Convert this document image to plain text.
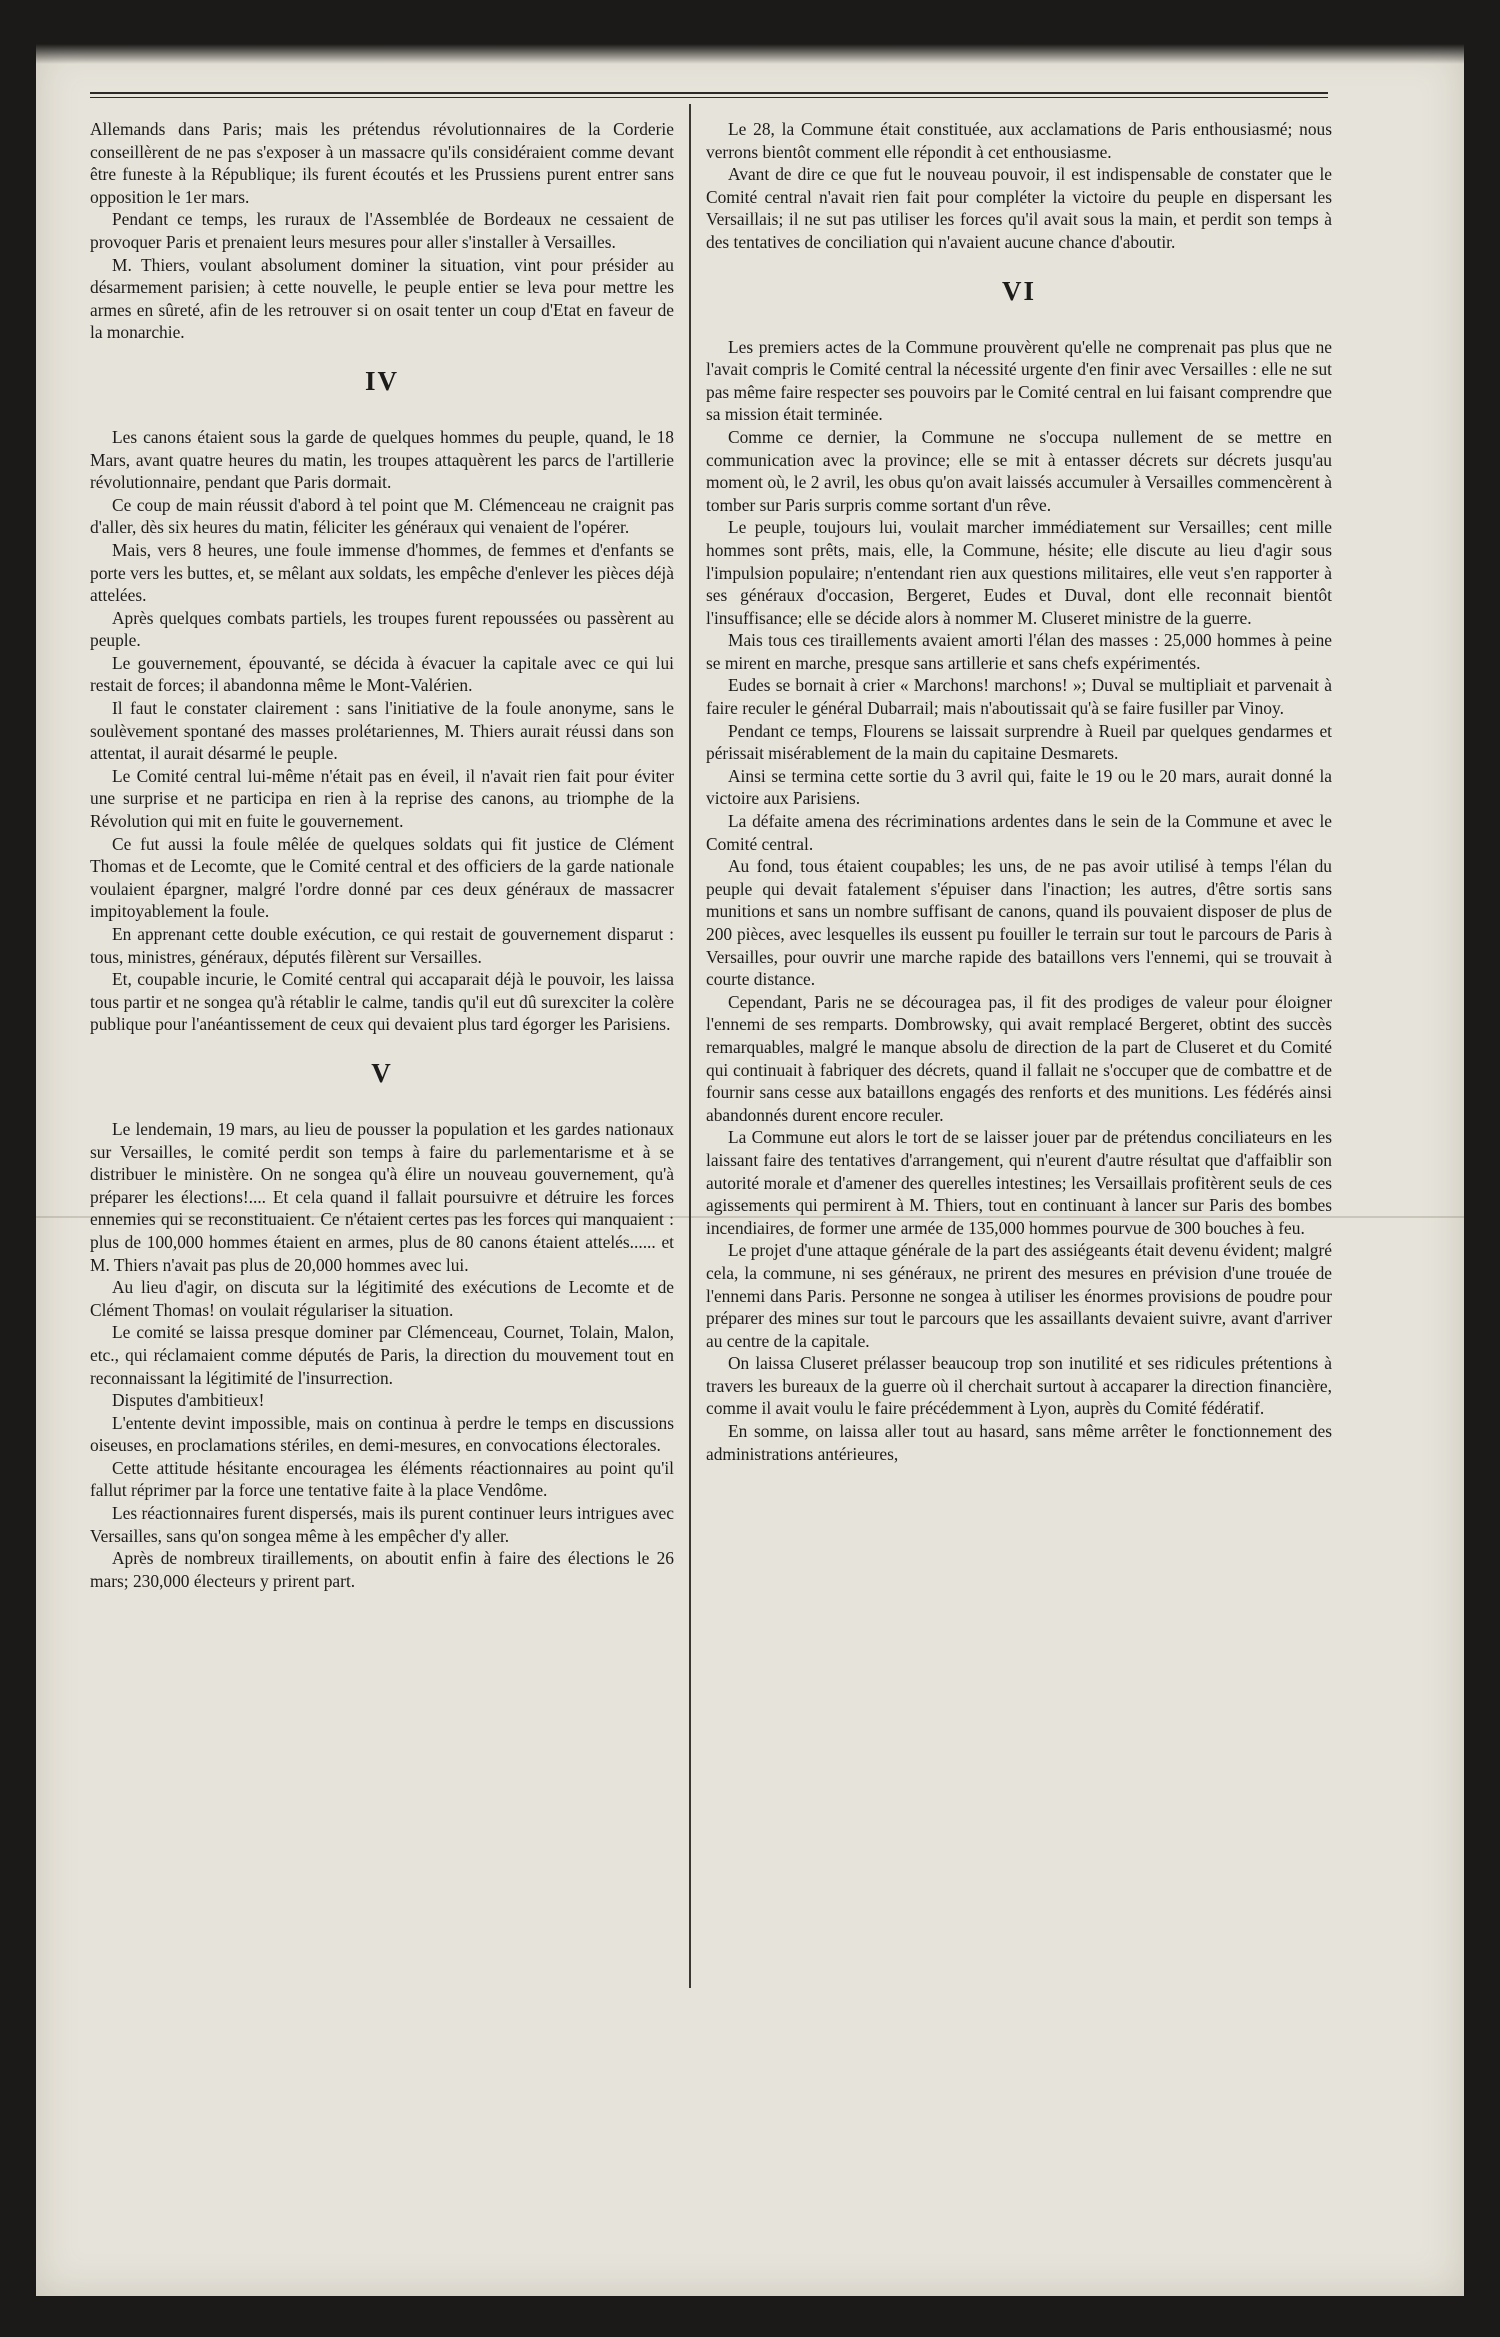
Allemands dans Paris; mais les prétendus révolutionnaires de la Corderie conseillèrent de ne pas s'exposer à un massacre qu'ils considéraient comme devant être funeste à la République; ils furent écoutés et les Prussiens purent entrer sans opposition le 1er mars.

Pendant ce temps, les ruraux de l'Assemblée de Bordeaux ne cessaient de provoquer Paris et prenaient leurs mesures pour aller s'installer à Versailles.

M. Thiers, voulant absolument dominer la situation, vint pour présider au désarmement parisien; à cette nouvelle, le peuple entier se leva pour mettre les armes en sûreté, afin de les retrouver si on osait tenter un coup d'Etat en faveur de la monarchie.

IV

Les canons étaient sous la garde de quelques hommes du peuple, quand, le 18 Mars, avant quatre heures du matin, les troupes attaquèrent les parcs de l'artillerie révolutionnaire, pendant que Paris dormait.

Ce coup de main réussit d'abord à tel point que M. Clémenceau ne craignit pas d'aller, dès six heures du matin, féliciter les généraux qui venaient de l'opérer.

Mais, vers 8 heures, une foule immense d'hommes, de femmes et d'enfants se porte vers les buttes, et, se mêlant aux soldats, les empêche d'enlever les pièces déjà attelées.

Après quelques combats partiels, les troupes furent repoussées ou passèrent au peuple.

Le gouvernement, épouvanté, se décida à évacuer la capitale avec ce qui lui restait de forces; il abandonna même le Mont-Valérien.

Il faut le constater clairement : sans l'initiative de la foule anonyme, sans le soulèvement spontané des masses prolétariennes, M. Thiers aurait réussi dans son attentat, il aurait désarmé le peuple.

Le Comité central lui-même n'était pas en éveil, il n'avait rien fait pour éviter une surprise et ne participa en rien à la reprise des canons, au triomphe de la Révolution qui mit en fuite le gouvernement.

Ce fut aussi la foule mêlée de quelques soldats qui fit justice de Clément Thomas et de Lecomte, que le Comité central et des officiers de la garde nationale voulaient épargner, malgré l'ordre donné par ces deux généraux de massacrer impitoyablement la foule.

En apprenant cette double exécution, ce qui restait de gouvernement disparut : tous, ministres, généraux, députés filèrent sur Versailles.

Et, coupable incurie, le Comité central qui accaparait déjà le pouvoir, les laissa tous partir et ne songea qu'à rétablir le calme, tandis qu'il eut dû surexciter la colère publique pour l'anéantissement de ceux qui devaient plus tard égorger les Parisiens.

V

Le lendemain, 19 mars, au lieu de pousser la population et les gardes nationaux sur Versailles, le comité perdit son temps à faire du parlementarisme et à se distribuer le ministère. On ne songea qu'à élire un nouveau gouvernement, qu'à préparer les élections!.... Et cela quand il fallait poursuivre et détruire les forces ennemies qui se reconstituaient. Ce n'étaient certes pas les forces qui manquaient : plus de 100,000 hommes étaient en armes, plus de 80 canons étaient attelés...... et M. Thiers n'avait pas plus de 20,000 hommes avec lui.

Au lieu d'agir, on discuta sur la légitimité des exécutions de Lecomte et de Clément Thomas! on voulait régulariser la situation.

Le comité se laissa presque dominer par Clémenceau, Cournet, Tolain, Malon, etc., qui réclamaient comme députés de Paris, la direction du mouvement tout en reconnaissant la légitimité de l'insurrection.

Disputes d'ambitieux!

L'entente devint impossible, mais on continua à perdre le temps en discussions oiseuses, en proclamations stériles, en demi-mesures, en convocations électorales.

Cette attitude hésitante encouragea les éléments réactionnaires au point qu'il fallut réprimer par la force une tentative faite à la place Vendôme.

Les réactionnaires furent dispersés, mais ils purent continuer leurs intrigues avec Versailles, sans qu'on songea même à les empêcher d'y aller.

Après de nombreux tiraillements, on aboutit enfin à faire des élections le 26 mars; 230,000 électeurs y prirent part.

Le 28, la Commune était constituée, aux acclamations de Paris enthousiasmé; nous verrons bientôt comment elle répondit à cet enthousiasme.

Avant de dire ce que fut le nouveau pouvoir, il est indispensable de constater que le Comité central n'avait rien fait pour compléter la victoire du peuple en dispersant les Versaillais; il ne sut pas utiliser les forces qu'il avait sous la main, et perdit son temps à des tentatives de conciliation qui n'avaient aucune chance d'aboutir.

VI

Les premiers actes de la Commune prouvèrent qu'elle ne comprenait pas plus que ne l'avait compris le Comité central la nécessité urgente d'en finir avec Versailles : elle ne sut pas même faire respecter ses pouvoirs par le Comité central en lui faisant comprendre que sa mission était terminée.

Comme ce dernier, la Commune ne s'occupa nullement de se mettre en communication avec la province; elle se mit à entasser décrets sur décrets jusqu'au moment où, le 2 avril, les obus qu'on avait laissés accumuler à Versailles commencèrent à tomber sur Paris surpris comme sortant d'un rêve.

Le peuple, toujours lui, voulait marcher immédiatement sur Versailles; cent mille hommes sont prêts, mais, elle, la Commune, hésite; elle discute au lieu d'agir sous l'impulsion populaire; n'entendant rien aux questions militaires, elle veut s'en rapporter à ses généraux d'occasion, Bergeret, Eudes et Duval, dont elle reconnait bientôt l'insuffisance; elle se décide alors à nommer M. Cluseret ministre de la guerre.

Mais tous ces tiraillements avaient amorti l'élan des masses : 25,000 hommes à peine se mirent en marche, presque sans artillerie et sans chefs expérimentés.

Eudes se bornait à crier « Marchons! marchons! »; Duval se multipliait et parvenait à faire reculer le général Dubarrail; mais n'aboutissait qu'à se faire fusiller par Vinoy.

Pendant ce temps, Flourens se laissait surprendre à Rueil par quelques gendarmes et périssait misérablement de la main du capitaine Desmarets.

Ainsi se termina cette sortie du 3 avril qui, faite le 19 ou le 20 mars, aurait donné la victoire aux Parisiens.

La défaite amena des récriminations ardentes dans le sein de la Commune et avec le Comité central.

Au fond, tous étaient coupables; les uns, de ne pas avoir utilisé à temps l'élan du peuple qui devait fatalement s'épuiser dans l'inaction; les autres, d'être sortis sans munitions et sans un nombre suffisant de canons, quand ils pouvaient disposer de plus de 200 pièces, avec lesquelles ils eussent pu fouiller le terrain sur tout le parcours de Paris à Versailles, pour ouvrir une marche rapide des bataillons vers l'ennemi, qui se trouvait à courte distance.

Cependant, Paris ne se découragea pas, il fit des prodiges de valeur pour éloigner l'ennemi de ses remparts. Dombrowsky, qui avait remplacé Bergeret, obtint des succès remarquables, malgré le manque absolu de direction de la part de Cluseret et du Comité qui continuait à fabriquer des décrets, quand il fallait ne s'occuper que de combattre et de fournir sans cesse aux bataillons engagés des renforts et des munitions. Les fédérés ainsi abandonnés durent encore reculer.

La Commune eut alors le tort de se laisser jouer par de prétendus conciliateurs en les laissant faire des tentatives d'arrangement, qui n'eurent d'autre résultat que d'affaiblir son autorité morale et d'amener des querelles intestines; les Versaillais profitèrent seuls de ces agissements qui permirent à M. Thiers, tout en continuant à lancer sur Paris des bombes incendiaires, de former une armée de 135,000 hommes pourvue de 300 bouches à feu.

Le projet d'une attaque générale de la part des assiégeants était devenu évident; malgré cela, la commune, ni ses généraux, ne prirent des mesures en prévision d'une trouée de l'ennemi dans Paris. Personne ne songea à utiliser les énormes provisions de poudre pour préparer des mines sur tout le parcours que les assaillants devaient suivre, avant d'arriver au centre de la capitale.

On laissa Cluseret prélasser beaucoup trop son inutilité et ses ridicules prétentions à travers les bureaux de la guerre où il cherchait surtout à accaparer la direction financière, comme il avait voulu le faire précédemment à Lyon, auprès du Comité fédératif.

En somme, on laissa aller tout au hasard, sans même arrêter le fonctionnement des administrations antérieures,
